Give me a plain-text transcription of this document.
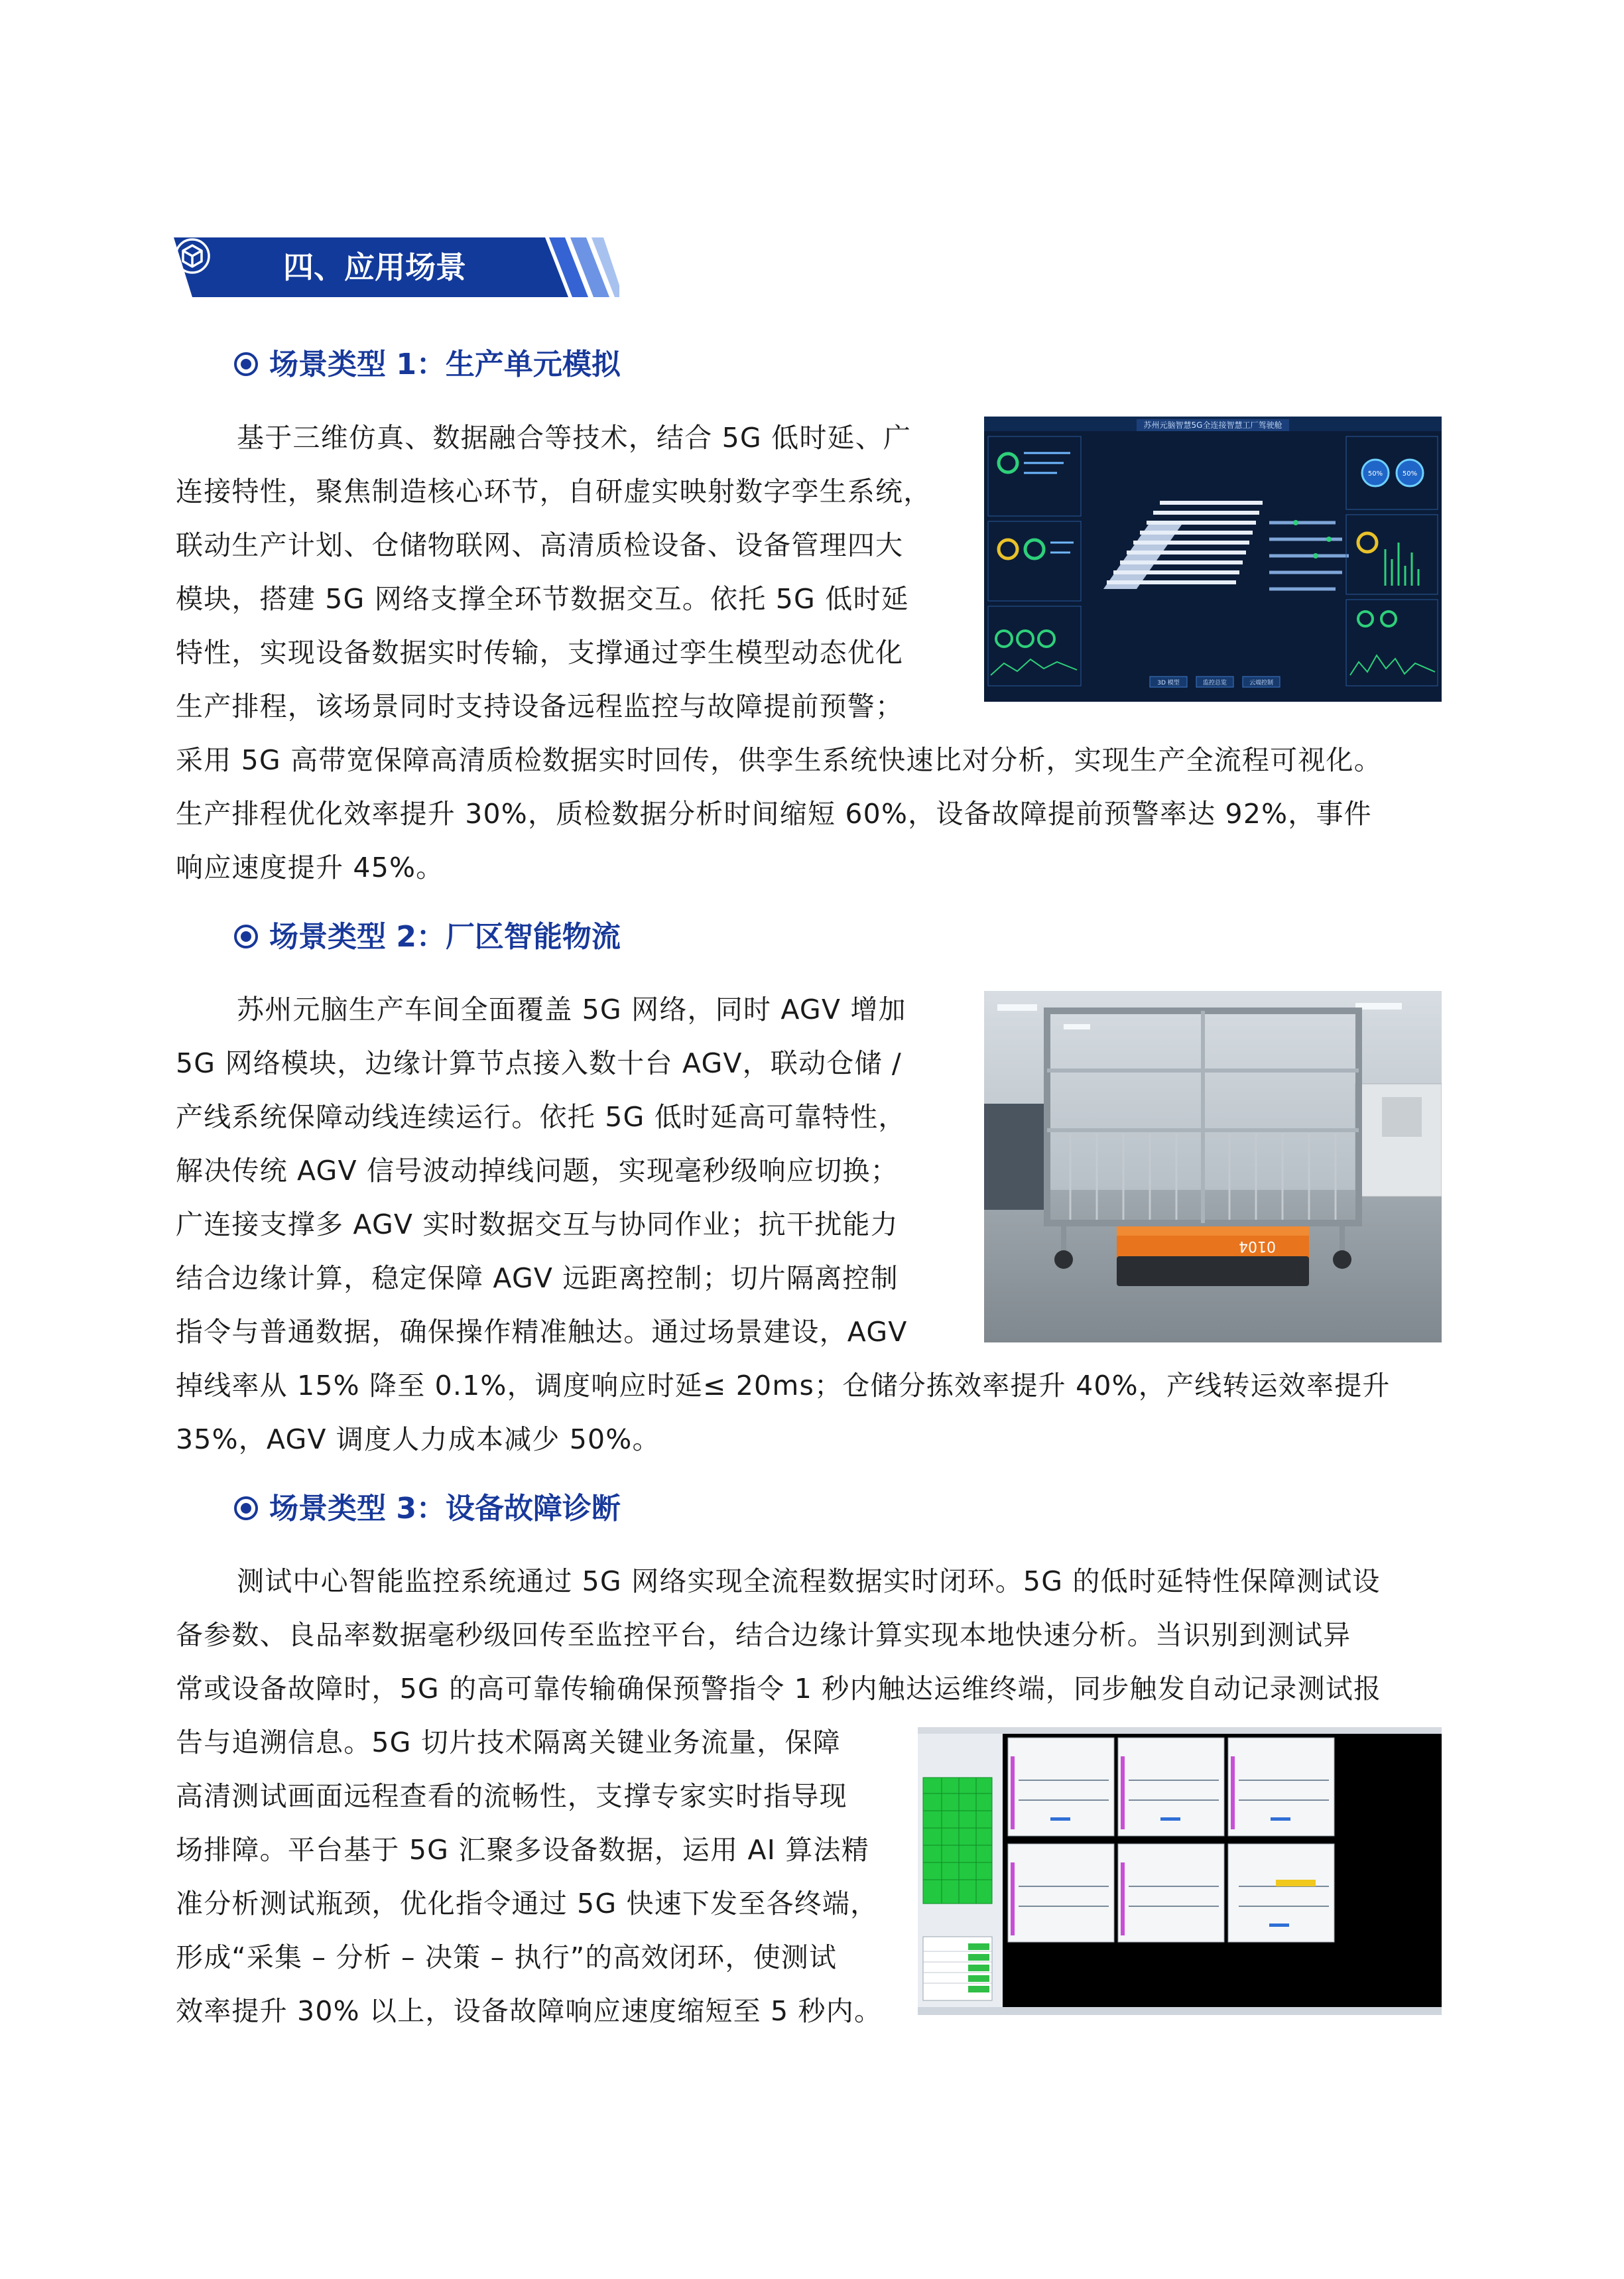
四、应用场景
场景类型 1：生产单元模拟
基于三维仿真、数据融合等技术，结合 5G 低时延、广
连接特性，聚焦制造核心环节，自研虚实映射数字孪生系统，
联动生产计划、仓储物联网、高清质检设备、设备管理四大
模块，搭建 5G 网络支撑全环节数据交互。依托 5G 低时延
特性，实现设备数据实时传输，支撑通过孪生模型动态优化
生产排程，该场景同时支持设备远程监控与故障提前预警；
采用 5G 高带宽保障高清质检数据实时回传，供孪生系统快速比对分析，实现生产全流程可视化。
生产排程优化效率提升 30%，质检数据分析时间缩短 60%，设备故障提前预警率达 92%，事件
响应速度提升 45%。
苏州元脑智慧5G全连接智慧工厂驾驶舱
3D 模型	监控总览	云端控制
50%	50%
场景类型 2：厂区智能物流
苏州元脑生产车间全面覆盖 5G 网络，同时 AGV 增加
5G 网络模块，边缘计算节点接入数十台 AGV，联动仓储 /
产线系统保障动线连续运行。依托 5G 低时延高可靠特性，
解决传统 AGV 信号波动掉线问题，实现毫秒级响应切换；
广连接支撑多 AGV 实时数据交互与协同作业；抗干扰能力
结合边缘计算，稳定保障 AGV 远距离控制；切片隔离控制
指令与普通数据，确保操作精准触达。通过场景建设，AGV
掉线率从 15% 降至 0.1%，调度响应时延≤ 20ms；仓储分拣效率提升 40%，产线转运效率提升
35%，AGV 调度人力成本减少 50%。
0104
场景类型 3：设备故障诊断
测试中心智能监控系统通过 5G 网络实现全流程数据实时闭环。5G 的低时延特性保障测试设
备参数、良品率数据毫秒级回传至监控平台，结合边缘计算实现本地快速分析。当识别到测试异
常或设备故障时，5G 的高可靠传输确保预警指令 1 秒内触达运维终端，同步触发自动记录测试报
告与追溯信息。5G 切片技术隔离关键业务流量，保障
高清测试画面远程查看的流畅性，支撑专家实时指导现
场排障。平台基于 5G 汇聚多设备数据，运用 AI 算法精
准分析测试瓶颈，优化指令通过 5G 快速下发至各终端，
形成“采集 – 分析 – 决策 – 执行”的高效闭环，使测试
效率提升 30% 以上，设备故障响应速度缩短至 5 秒内。
